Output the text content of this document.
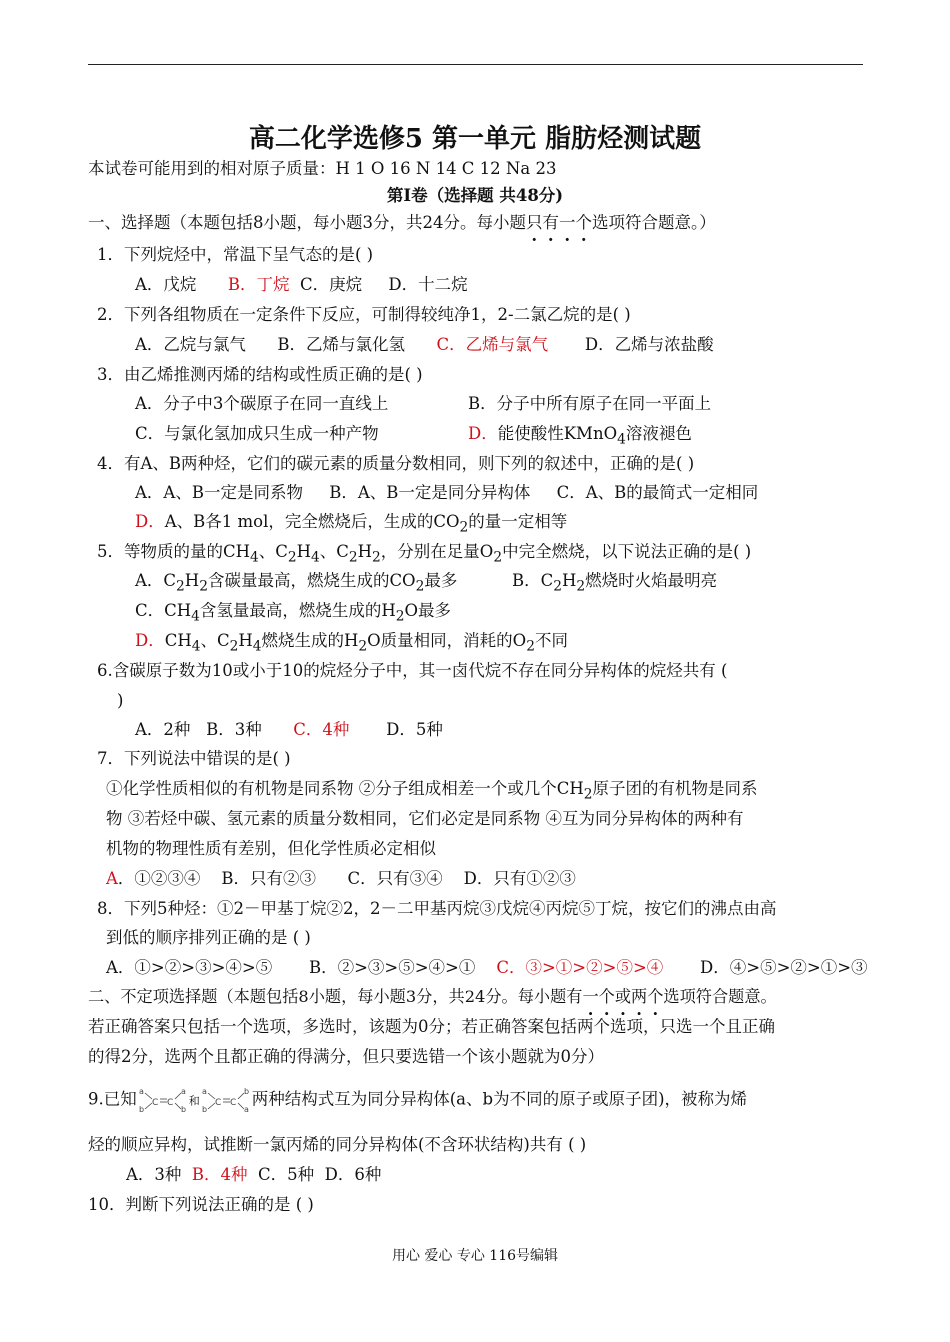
高二化学选修5 第一单元 脂肪烃测试题
本试卷可能用到的相对原子质量：H 1 O 16 N 14 C 12 Na 23
第Ⅰ卷（选择题 共48分)
一、选择题（本题包括8小题，每小题3分，共24分。每小题只有一个选项符合题意。）
1．下列烷烃中，常温下呈气态的是( )
A．戊烷 B．丁烷 C．庚烷 D．十二烷
2．下列各组物质在一定条件下反应，可制得较纯净1，2-二氯乙烷的是( )
A．乙烷与氯气 B．乙烯与氯化氢 C．乙烯与氯气 D．乙烯与浓盐酸
3．由乙烯推测丙烯的结构或性质正确的是( )
A．分子中3个碳原子在同一直线上	B．分子中所有原子在同一平面上
C．与氯化氢加成只生成一种产物	D．能使酸性KMnO$_4$溶液褪色
4．有A、B两种烃，它们的碳元素的质量分数相同，则下列的叙述中，正确的是( )
A．A、B一定是同系物 B．A、B一定是同分异构体 C．A、B的最简式一定相同
D．A、B各1 mol，完全燃烧后，生成的$CO_2$的量一定相等
5．等物质的量的$CH_4$、$C_2H_4$、$C_2H_2$，分别在足量$O_2$中完全燃烧，以下说法正确的是( )
A．$C_2H_2$含碳量最高，燃烧生成的$CO_2$最多	B．$C_2H_2$燃烧时火焰最明亮
C．$CH_4$含氢量最高，燃烧生成的$H_2O$最多
D．$CH_4$、$C_2H_4$燃烧生成的$H_2O$质量相同，消耗的$O_2$不同
6.含碳原子数为10或小于10的烷烃分子中，其一卤代烷不存在同分异构体的烷烃共有 (
)
A．2种 B．3种 C．4种 D．5种
7．下列说法中错误的是( )
①化学性质相似的有机物是同系物 ②分子组成相差一个或几个$CH_2$原子团的有机物是同系
物 ③若烃中碳、氢元素的质量分数相同，它们必定是同系物 ④互为同分异构体的两种有
机物的物理性质有差别，但化学性质必定相似
A．①②③④ B．只有②③ C．只有③④ D．只有①②③
8．下列5种烃：①2－甲基丁烷②2，2－二甲基丙烷③戊烷④丙烷⑤丁烷，按它们的沸点由高
到低的顺序排列正确的是 ( )
A．①>②>③>④>⑤ B．②>③>⑤>④>① C．③>①>②>⑤>④ D．④>⑤>②>①>③
二、不定项选择题（本题包括8小题，每小题3分，共24分。每小题有一个或两个选项符合题意。
若正确答案只包括一个选项，多选时，该题为0分；若正确答案包括两个选项，只选一个且正确
的得2分，选两个且都正确的得满分，但只要选错一个该小题就为0分）
9.已知 a
b
C C
a
b
和
a
b
C C
b
a
两种结构式互为同分异构体(a、b为不同的原子或原子团)，被称为烯
烃的顺应异构，试推断一氯丙烯的同分异构体(不含环状结构)共有 ( )
A．3种 B．4种 C．5种 D．6种
10．判断下列说法正确的是 ( )
用心 爱心 专心 116号编辑
